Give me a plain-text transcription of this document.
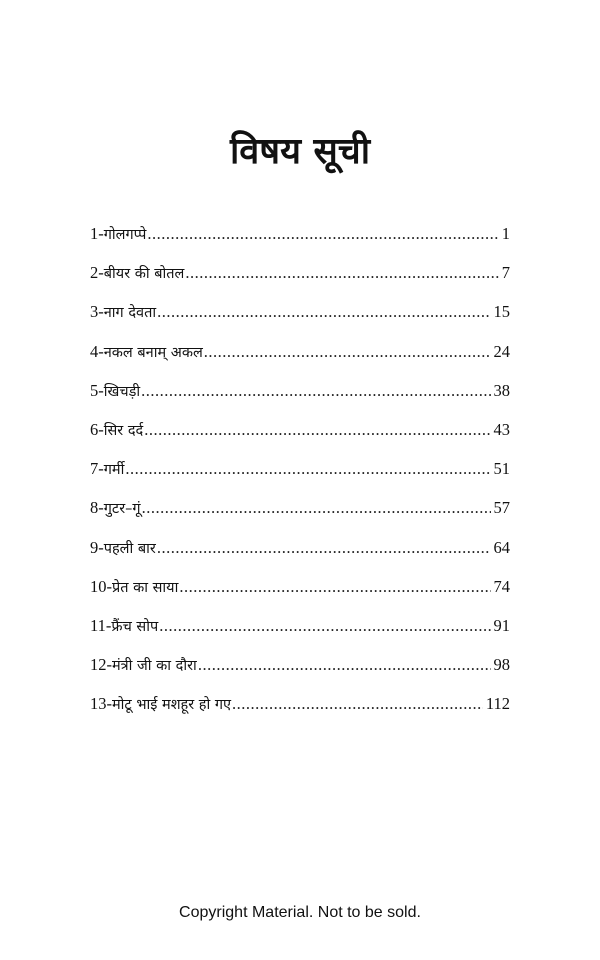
विषय सूची
1 - गोलगप्पे .....	1
2 - बीयर की बोतल .....	7
3 - नाग देवता .....	15
4 - नकल बनाम् अकल .....	24
5 - खिचड़ी .....	38
6 - सिर दर्द .....	43
7 - गर्मी .....	51
8 - गुटर–गूं .....	57
9 - पहली बार .....	64
10 - प्रेत का साया .....	74
11 - फ्रैंच सोप .....	91
12 - मंत्री जी का दौरा .....	98
13 - मोटू भाई मशहूर हो गए .....	112
Copyright Material. Not to be sold.
